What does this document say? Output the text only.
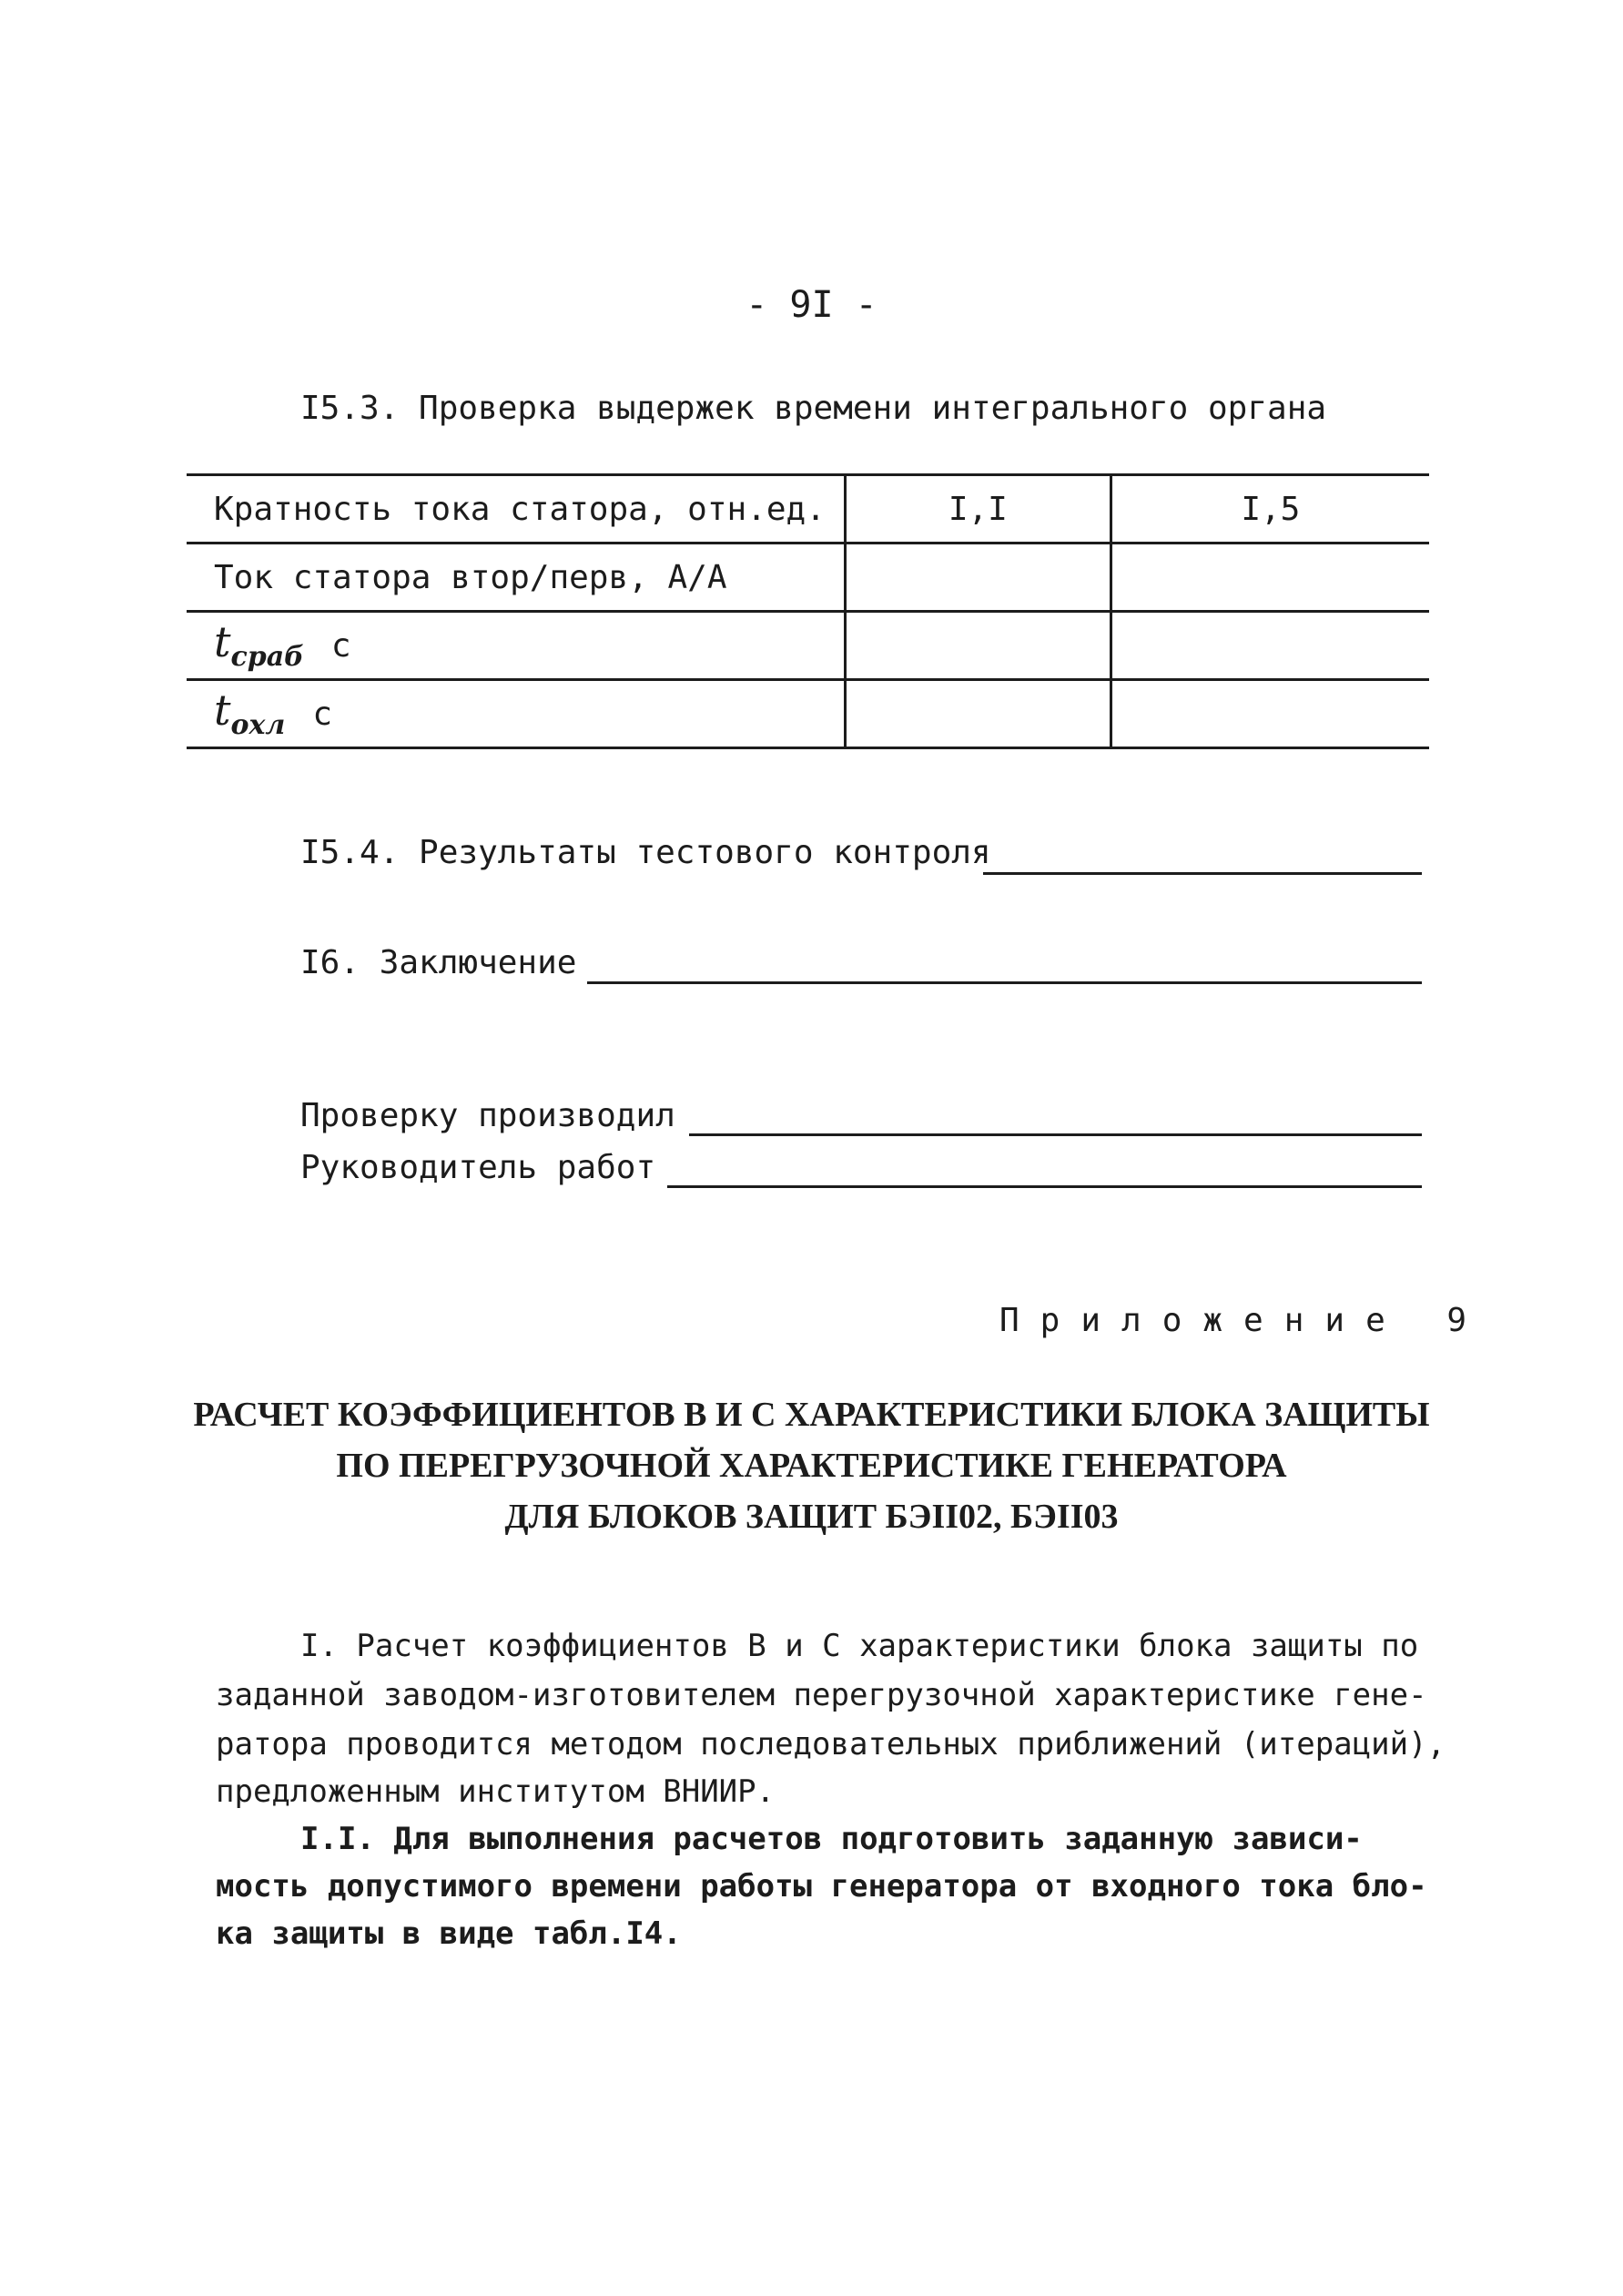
- 9I -
I5.3. Проверка выдержек времени интегрального органа
Кратность тока статора, отн.ед.	I,I	I,5
Ток статора втор/перв, А/А		
$t_{сраб}$ с		
$t_{охл}$ с		
I5.4. Результаты тестового контроля
I6. Заключение
Проверку производил
Руководитель работ
Приложение 9
РАСЧЕТ КОЭФФИЦИЕНТОВ В И С ХАРАКТЕРИСТИКИ БЛОКА ЗАЩИТЫ
ПО ПЕРЕГРУЗОЧНОЙ ХАРАКТЕРИСТИКЕ ГЕНЕРАТОРА
ДЛЯ БЛОКОВ ЗАЩИТ БЭII02, БЭII03
I. Расчет коэффициентов В и С характеристики блока защиты по
заданной заводом-изготовителем перегрузочной характеристике гене-
ратора проводится методом последовательных приближений (итераций),
предложенным институтом ВНИИР.
I.I. Для выполнения расчетов подготовить заданную зависи-
мость допустимого времени работы генератора от входного тока бло-
ка защиты в виде табл.I4.
